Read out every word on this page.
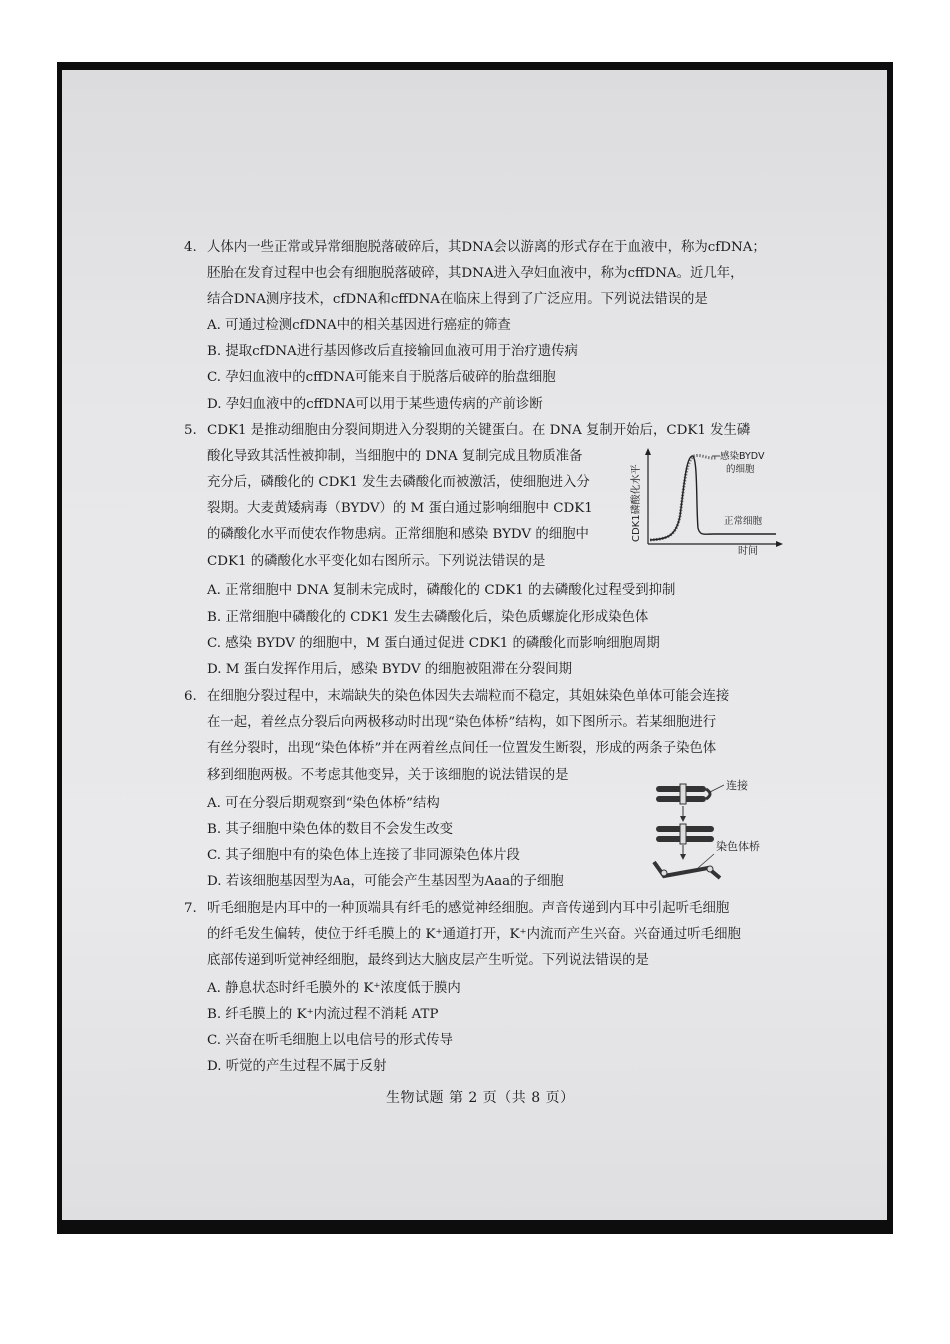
4. 人体内一些正常或异常细胞脱落破碎后，其DNA会以游离的形式存在于血液中，称为cfDNA；
胚胎在发育过程中也会有细胞脱落破碎，其DNA进入孕妇血液中，称为cffDNA。近几年，
结合DNA测序技术，cfDNA和cffDNA在临床上得到了广泛应用。下列说法错误的是
A. 可通过检测cfDNA中的相关基因进行癌症的筛查
B. 提取cfDNA进行基因修改后直接输回血液可用于治疗遗传病
C. 孕妇血液中的cffDNA可能来自于脱落后破碎的胎盘细胞
D. 孕妇血液中的cffDNA可以用于某些遗传病的产前诊断
5. CDK1 是推动细胞由分裂间期进入分裂期的关键蛋白。在 DNA 复制开始后，CDK1 发生磷
酸化导致其活性被抑制，当细胞中的 DNA 复制完成且物质准备
充分后，磷酸化的 CDK1 发生去磷酸化而被激活，使细胞进入分
裂期。大麦黄矮病毒（BYDV）的 M 蛋白通过影响细胞中 CDK1
的磷酸化水平而使农作物患病。正常细胞和感染 BYDV 的细胞中
CDK1 的磷酸化水平变化如右图所示。下列说法错误的是
CDK1磷酸化水平
时间
感染BYDV
的细胞
正常细胞
A. 正常细胞中 DNA 复制未完成时，磷酸化的 CDK1 的去磷酸化过程受到抑制
B. 正常细胞中磷酸化的 CDK1 发生去磷酸化后，染色质螺旋化形成染色体
C. 感染 BYDV 的细胞中，M 蛋白通过促进 CDK1 的磷酸化而影响细胞周期
D. M 蛋白发挥作用后，感染 BYDV 的细胞被阻滞在分裂间期
6. 在细胞分裂过程中，末端缺失的染色体因失去端粒而不稳定，其姐妹染色单体可能会连接
在一起，着丝点分裂后向两极移动时出现“染色体桥”结构，如下图所示。若某细胞进行
有丝分裂时，出现“染色体桥”并在两着丝点间任一位置发生断裂，形成的两条子染色体
移到细胞两极。不考虑其他变异，关于该细胞的说法错误的是
A. 可在分裂后期观察到“染色体桥”结构
B. 其子细胞中染色体的数目不会发生改变
C. 其子细胞中有的染色体上连接了非同源染色体片段
D. 若该细胞基因型为Aa，可能会产生基因型为Aaa的子细胞
连接
染色体桥
7. 听毛细胞是内耳中的一种顶端具有纤毛的感觉神经细胞。声音传递到内耳中引起听毛细胞
的纤毛发生偏转，使位于纤毛膜上的 K⁺通道打开，K⁺内流而产生兴奋。兴奋通过听毛细胞
底部传递到听觉神经细胞，最终到达大脑皮层产生听觉。下列说法错误的是
A. 静息状态时纤毛膜外的 K⁺浓度低于膜内
B. 纤毛膜上的 K⁺内流过程不消耗 ATP
C. 兴奋在听毛细胞上以电信号的形式传导
D. 听觉的产生过程不属于反射
生物试题 第 2 页（共 8 页）
